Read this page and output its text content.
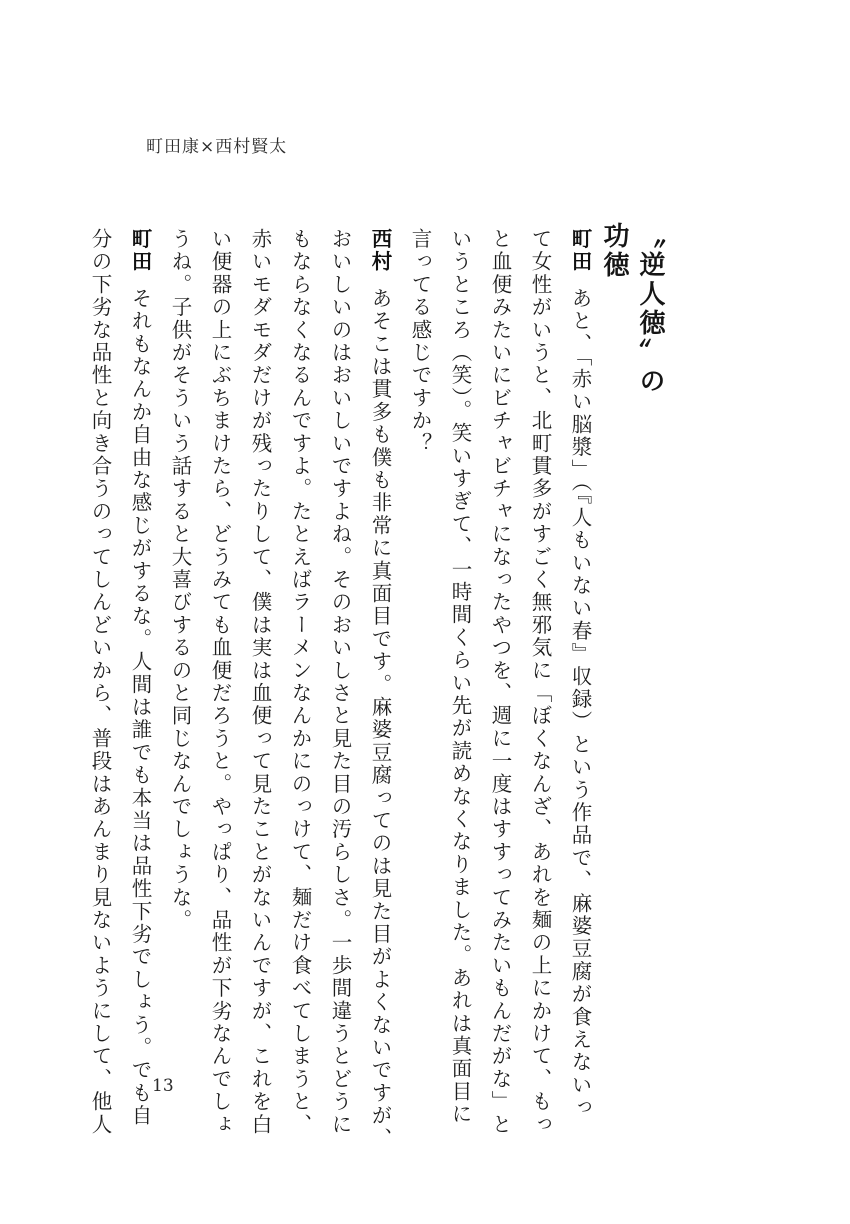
町田康×西村賢太
〝逆人徳〟の功徳
町田あと、「赤い脳漿」（『人もいない春』収録）という作品で、麻婆豆腐が食えないっ
て女性がいうと、北町貫多がすごく無邪気に「ぼくなんざ、あれを麺の上にかけて、もっ
と血便みたいにビチャビチャになったやつを、週に一度はすすってみたいもんだがな」と
いうところ（笑）。笑いすぎて、一時間くらい先が読めなくなりました。あれは真面目に
言ってる感じですか？
西村あそこは貫多も僕も非常に真面目です。麻婆豆腐ってのは見た目がよくないですが、
おいしいのはおいしいですよね。そのおいしさと見た目の汚らしさ。一歩間違うとどうに
もならなくなるんですよ。たとえばラーメンなんかにのっけて、麺だけ食べてしまうと、
赤いモダモダだけが残ったりして、僕は実は血便って見たことがないんですが、これを白
い便器の上にぶちまけたら、どうみても血便だろうと。やっぱり、品性が下劣なんでしょ
うね。子供がそういう話すると大喜びするのと同じなんでしょうな。
町田それもなんか自由な感じがするな。人間は誰でも本当は品性下劣でしょう。でも自
分の下劣な品性と向き合うのってしんどいから、普段はあんまり見ないようにして、他人	13
